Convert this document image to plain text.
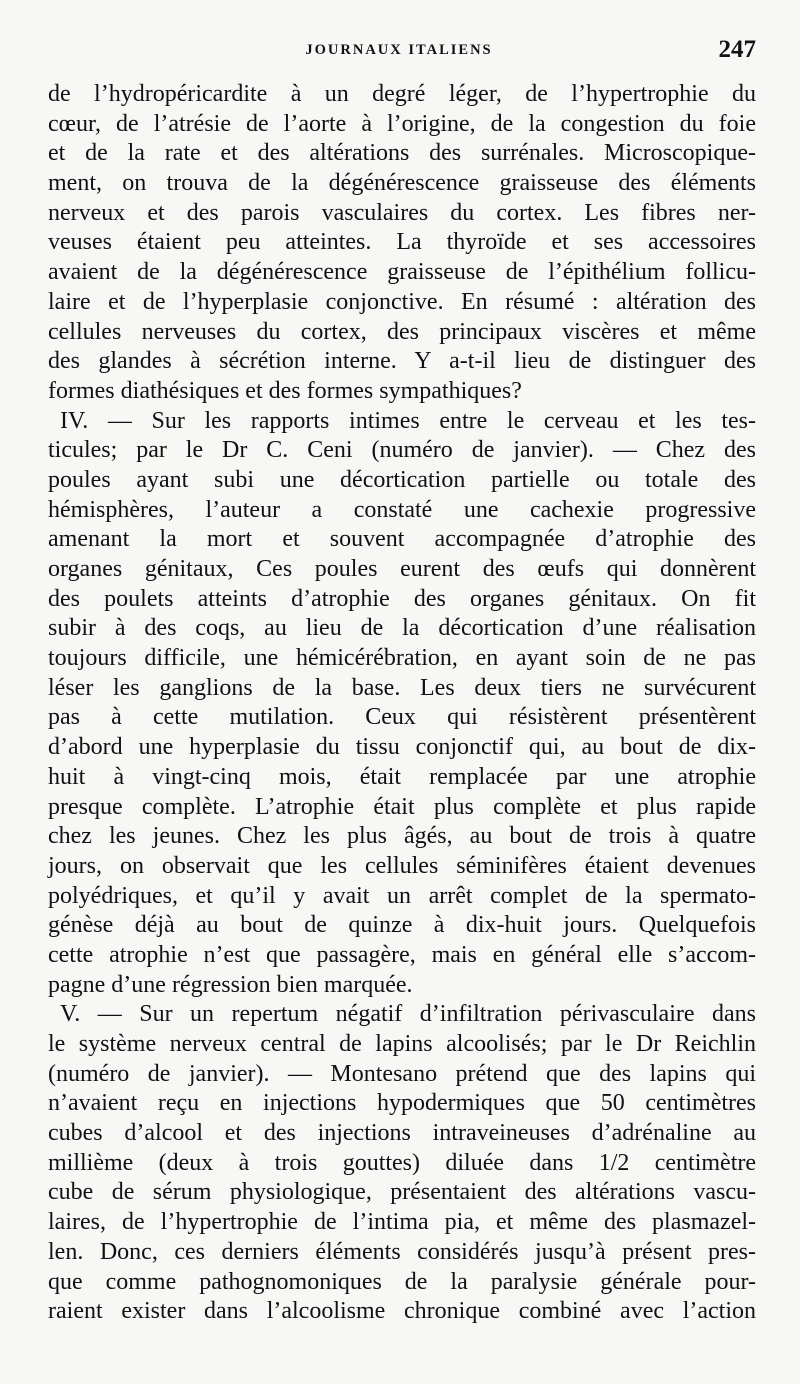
JOURNAUX ITALIENS	247
de l’hydropéricardite à un degré léger, de l’hypertrophie du
cœur, de l’atrésie de l’aorte à l’origine, de la congestion du foie
et de la rate et des altérations des surrénales. Microscopique-
ment, on trouva de la dégénérescence graisseuse des éléments
nerveux et des parois vasculaires du cortex. Les fibres ner-
veuses étaient peu atteintes. La thyroïde et ses accessoires
avaient de la dégénérescence graisseuse de l’épithélium follicu-
laire et de l’hyperplasie conjonctive. En résumé : altération des
cellules nerveuses du cortex, des principaux viscères et même
des glandes à sécrétion interne. Y a-t-il lieu de distinguer des
formes diathésiques et des formes sympathiques?
IV. — Sur les rapports intimes entre le cerveau et les tes-
ticules; par le Dr C. Ceni (numéro de janvier). — Chez des
poules ayant subi une décortication partielle ou totale des
hémisphères, l’auteur a constaté une cachexie progressive
amenant la mort et souvent accompagnée d’atrophie des
organes génitaux, Ces poules eurent des œufs qui donnèrent
des poulets atteints d’atrophie des organes génitaux. On fit
subir à des coqs, au lieu de la décortication d’une réalisation
toujours difficile, une hémicérébration, en ayant soin de ne pas
léser les ganglions de la base. Les deux tiers ne survécurent
pas à cette mutilation. Ceux qui résistèrent présentèrent
d’abord une hyperplasie du tissu conjonctif qui, au bout de dix-
huit à vingt-cinq mois, était remplacée par une atrophie
presque complète. L’atrophie était plus complète et plus rapide
chez les jeunes. Chez les plus âgés, au bout de trois à quatre
jours, on observait que les cellules séminifères étaient devenues
polyédriques, et qu’il y avait un arrêt complet de la spermato-
génèse déjà au bout de quinze à dix-huit jours. Quelquefois
cette atrophie n’est que passagère, mais en général elle s’accom-
pagne d’une régression bien marquée.
V. — Sur un repertum négatif d’infiltration périvasculaire dans
le système nerveux central de lapins alcoolisés; par le Dr Reichlin
(numéro de janvier). — Montesano prétend que des lapins qui
n’avaient reçu en injections hypodermiques que 50 centimètres
cubes d’alcool et des injections intraveineuses d’adrénaline au
millième (deux à trois gouttes) diluée dans 1/2 centimètre
cube de sérum physiologique, présentaient des altérations vascu-
laires, de l’hypertrophie de l’intima pia, et même des plasmazel-
len. Donc, ces derniers éléments considérés jusqu’à présent pres-
que comme pathognomoniques de la paralysie générale pour-
raient exister dans l’alcoolisme chronique combiné avec l’action
